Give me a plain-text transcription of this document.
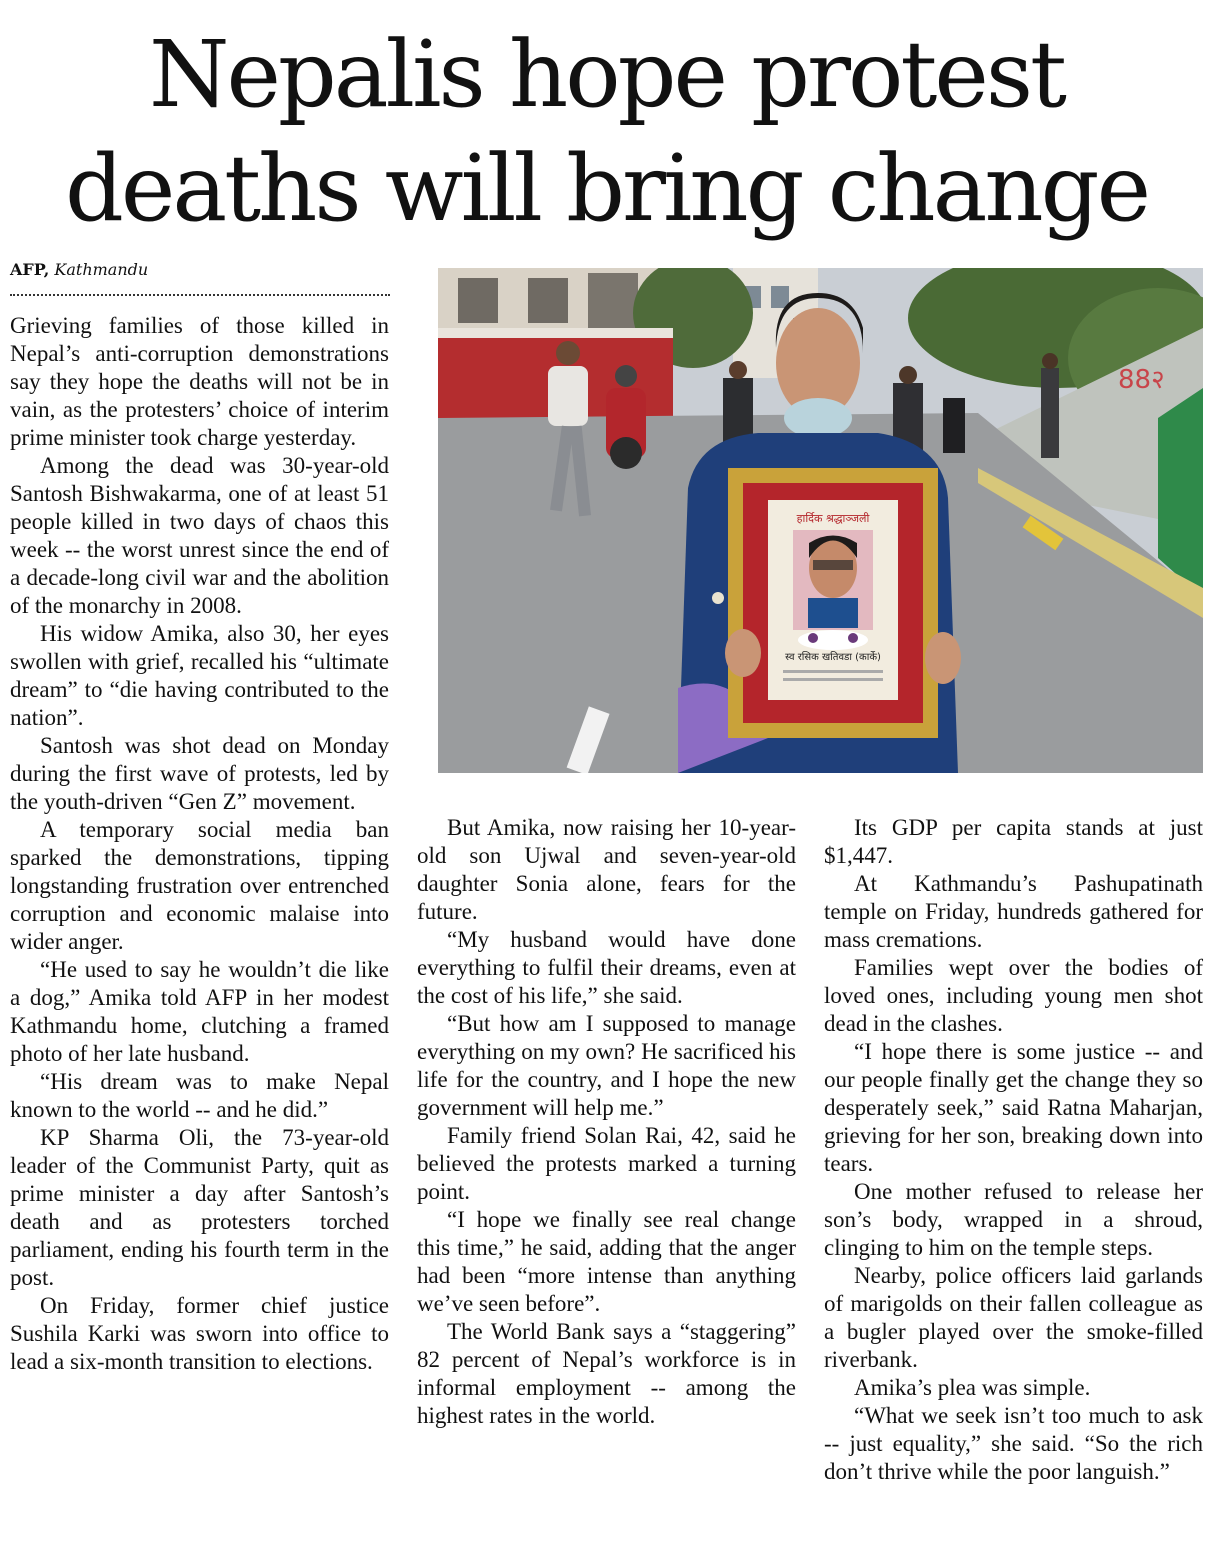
Nepalis hope protest deaths will bring change
AFP, Kathmandu

Grieving families of those killed in Nepal’s anti-corruption demonstrations say they hope the deaths will not be in vain, as the protesters’ choice of interim prime minister took charge yesterday.

Among the dead was 30-year-old Santosh Bishwakarma, one of at least 51 people killed in two days of chaos this week -- the worst unrest since the end of a decade-long civil war and the abolition of the monarchy in 2008.

His widow Amika, also 30, her eyes swollen with grief, recalled his “ultimate dream” to “die having contributed to the nation”.

Santosh was shot dead on Monday during the first wave of protests, led by the youth-driven “Gen Z” movement.

A temporary social media ban sparked the demonstrations, tipping longstanding frustration over entrenched corruption and economic malaise into wider anger.

“He used to say he wouldn’t die like a dog,” Amika told AFP in her modest Kathmandu home, clutching a framed photo of her late husband.

“His dream was to make Nepal known to the world -- and he did.”

KP Sharma Oli, the 73-year-old leader of the Communist Party, quit as prime minister a day after Santosh’s death and as protesters torched parliament, ending his fourth term in the post.

On Friday, former chief justice Sushila Karki was sworn into office to lead a six-month transition to elections.

But Amika, now raising her 10-year-old son Ujwal and seven-year-old daughter Sonia alone, fears for the future.

“My husband would have done everything to fulfil their dreams, even at the cost of his life,” she said.

“But how am I supposed to manage everything on my own? He sacrificed his life for the country, and I hope the new government will help me.”

Family friend Solan Rai, 42, said he believed the protests marked a turning point.

“I hope we finally see real change this time,” he said, adding that the anger had been “more intense than anything we’ve seen before”.

The World Bank says a “staggering” 82 percent of Nepal’s workforce is in informal employment -- among the highest rates in the world.

Its GDP per capita stands at just $1,447.

At Kathmandu’s Pashupatinath temple on Friday, hundreds gathered for mass cremations.

Families wept over the bodies of loved ones, including young men shot dead in the clashes.

“I hope there is some justice -- and our people finally get the change they so desperately seek,” said Ratna Maharjan, grieving for her son, breaking down into tears.

One mother refused to release her son’s body, wrapped in a shroud, clinging to him on the temple steps.

Nearby, police officers laid garlands of marigolds on their fallen colleague as a bugler played over the smoke-filled riverbank.

Amika’s plea was simple.

“What we seek isn’t too much to ask -- just equality,” she said. “So the rich don’t thrive while the poor languish.”

88२
हार्दिक श्रद्धाञ्जली
स्व रसिक खतिवडा (कार्के)
